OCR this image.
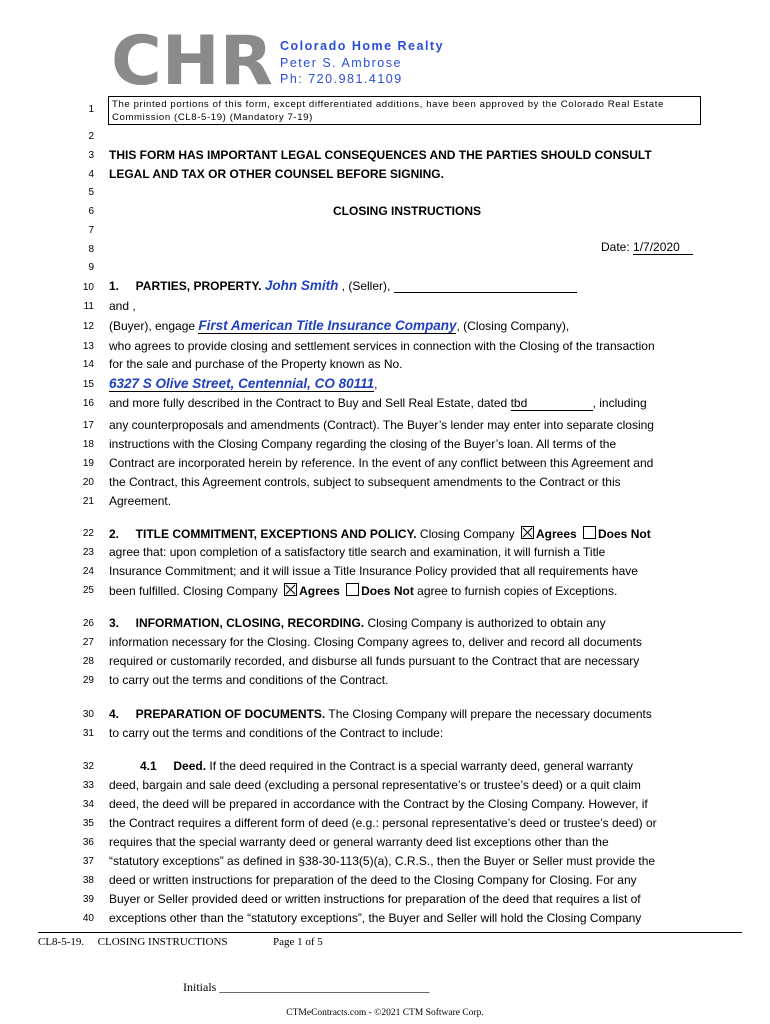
CHR Colorado Home Realty
Peter S. Ambrose
Ph: 720.981.4109
1 The printed portions of this form, except differentiated additions, have been approved by the Colorado Real Estate
Commission (CL8-5-19) (Mandatory 7-19)
2
3
4
5
6
7
8
9
10
11
12
13
14
15
16
17
18
19
20
21
22
23
24
25
26
27
28
29
30
31
32
33
34
35
36
37
38
39
40
THIS FORM HAS IMPORTANT LEGAL CONSEQUENCES AND THE PARTIES SHOULD CONSULT
LEGAL AND TAX OR OTHER COUNSEL BEFORE SIGNING.
CLOSING INSTRUCTIONS
Date: 1/7/2020
1.     PARTIES, PROPERTY. John Smith , (Seller),
and ,
(Buyer), engage First American Title Insurance Company, (Closing Company),
who agrees to provide closing and settlement services in connection with the Closing of the transaction
for the sale and purchase of the Property known as No.
6327 S Olive Street, Centennial, CO 80111,
and more fully described in the Contract to Buy and Sell Real Estate, dated tbd	, including
any counterproposals and amendments (Contract). The Buyer’s lender may enter into separate closing
instructions with the Closing Company regarding the closing of the Buyer’s loan. All terms of the
Contract are incorporated herein by reference. In the event of any conflict between this Agreement and
the Contract, this Agreement controls, subject to subsequent amendments to the Contract or this
Agreement.
2.     TITLE COMMITMENT, EXCEPTIONS AND POLICY. Closing Company Agrees Does Not
agree that: upon completion of a satisfactory title search and examination, it will furnish a Title
Insurance Commitment; and it will issue a Title Insurance Policy provided that all requirements have
been fulfilled. Closing Company Agrees Does Not agree to furnish copies of Exceptions.
3.     INFORMATION, CLOSING, RECORDING. Closing Company is authorized to obtain any
information necessary for the Closing. Closing Company agrees to, deliver and record all documents
required or customarily recorded, and disburse all funds pursuant to the Contract that are necessary
to carry out the terms and conditions of the Contract.
4.     PREPARATION OF DOCUMENTS. The Closing Company will prepare the necessary documents
to carry out the terms and conditions of the Contract to include:
4.1     Deed. If the deed required in the Contract is a special warranty deed, general warranty
deed, bargain and sale deed (excluding a personal representative’s or trustee’s deed) or a quit claim
deed, the deed will be prepared in accordance with the Contract by the Closing Company. However, if
the Contract requires a different form of deed (e.g.: personal representative’s deed or trustee’s deed) or
requires that the special warranty deed or general warranty deed list exceptions other than the
“statutory exceptions” as defined in §38-30-113(5)(a), C.R.S., then the Buyer or Seller must provide the
deed or written instructions for preparation of the deed to the Closing Company for Closing. For any
Buyer or Seller provided deed or written instructions for preparation of the deed that requires a list of
exceptions other than the “statutory exceptions”, the Buyer and Seller will hold the Closing Company
CL8-5-19. CLOSING INSTRUCTIONS	Page 1 of 5
Initials ___________________________________
CTMeContracts.com - ©2021 CTM Software Corp.
